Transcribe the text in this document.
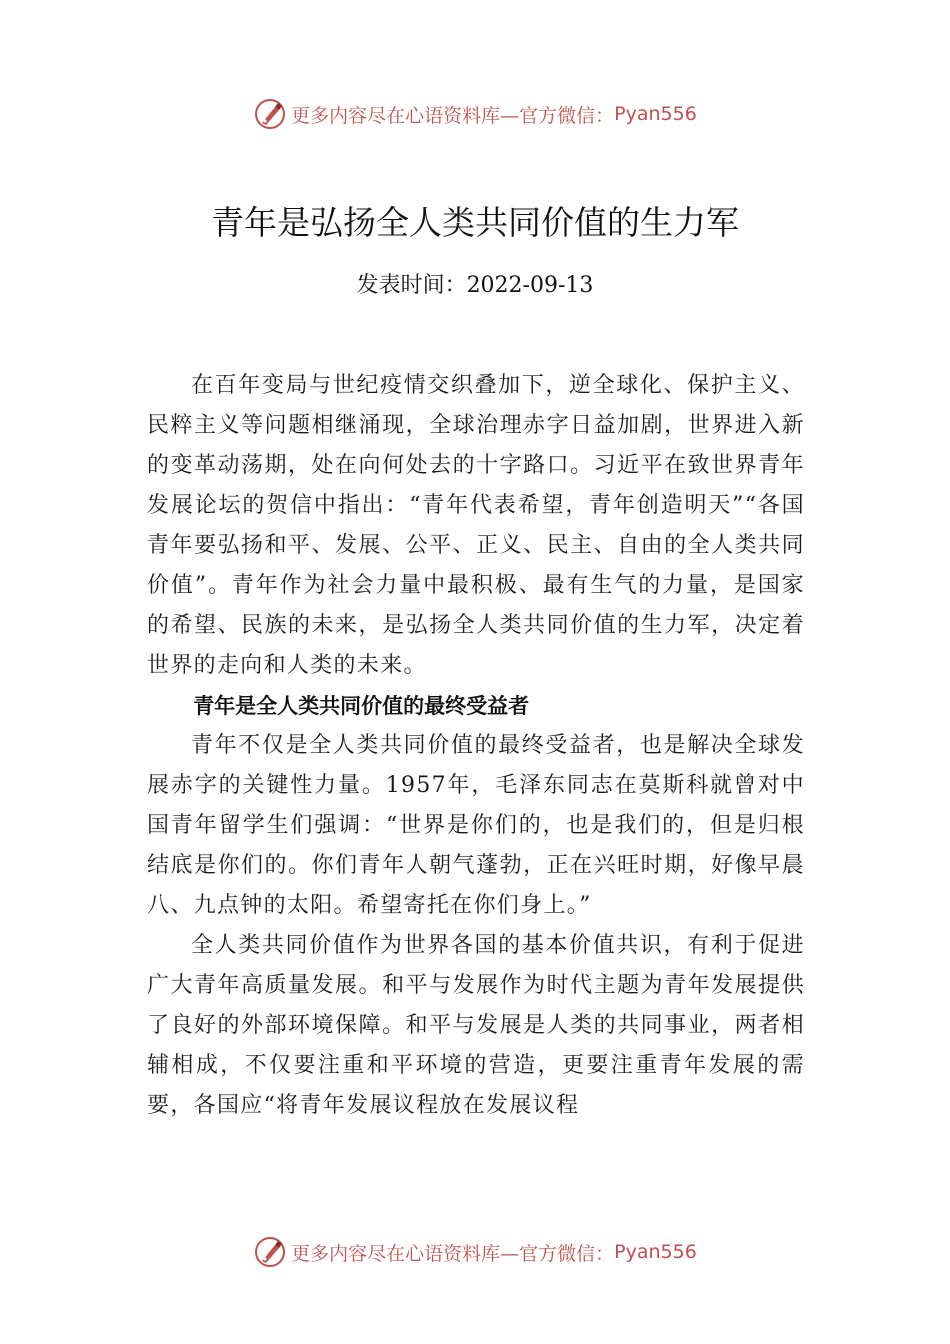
更多内容尽在心语资料库—官方微信： Pyan556
青年是弘扬全人类共同价值的生力军
发表时间：2022-09-13

在百年变局与世纪疫情交织叠加下，逆全球化、保护主义、民粹主义等问题相继涌现，全球治理赤字日益加剧，世界进入新的变革动荡期，处在向何处去的十字路口。习近平在致世界青年发展论坛的贺信中指出：“青年代表希望，青年创造明天”“各国青年要弘扬和平、发展、公平、正义、民主、自由的全人类共同价值”。青年作为社会力量中最积极、最有生气的力量，是国家的希望、民族的未来，是弘扬全人类共同价值的生力军，决定着世界的走向和人类的未来。

青年是全人类共同价值的最终受益者

青年不仅是全人类共同价值的最终受益者，也是解决全球发展赤字的关键性力量。1957年，毛泽东同志在莫斯科就曾对中国青年留学生们强调：“世界是你们的，也是我们的，但是归根结底是你们的。你们青年人朝气蓬勃，正在兴旺时期，好像早晨八、九点钟的太阳。希望寄托在你们身上。”

全人类共同价值作为世界各国的基本价值共识，有利于促进广大青年高质量发展。和平与发展作为时代主题为青年发展提供了良好的外部环境保障。和平与发展是人类的共同事业，两者相辅相成，不仅要注重和平环境的营造，更要注重青年发展的需要，各国应“将青年发展议程放在发展议程

更多内容尽在心语资料库—官方微信： Pyan556
